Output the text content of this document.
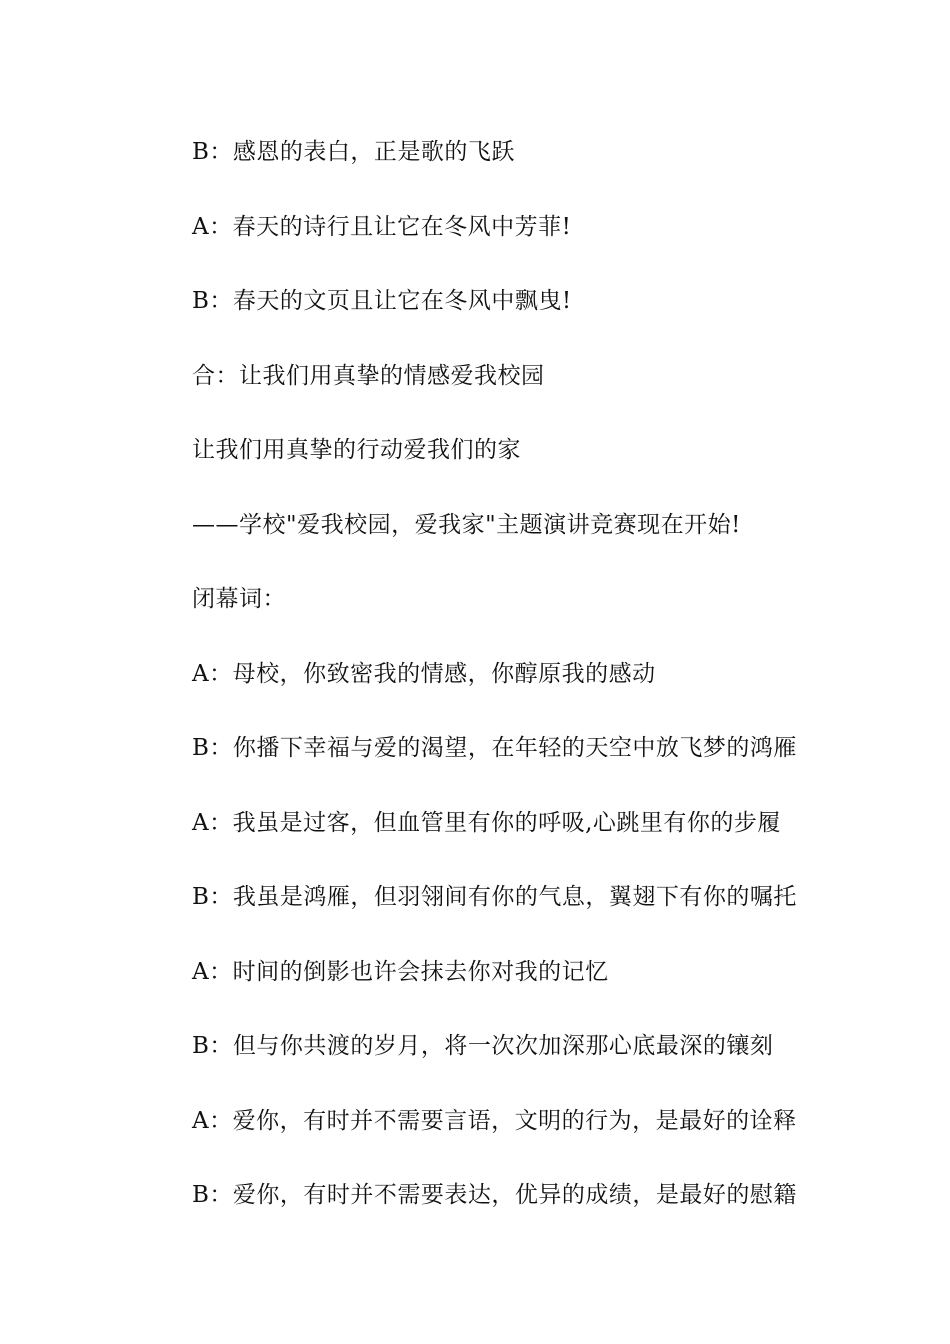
B：感恩的表白，正是歌的飞跃

A：春天的诗行且让它在冬风中芳菲!

B：春天的文页且让它在冬风中飘曳!

合：让我们用真挚的情感爱我校园

让我们用真挚的行动爱我们的家

——学校"爱我校园，爱我家"主题演讲竞赛现在开始!

闭幕词：

A：母校，你致密我的情感，你醇原我的感动

B：你播下幸福与爱的渴望，在年轻的天空中放飞梦的鸿雁

A：我虽是过客，但血管里有你的呼吸,心跳里有你的步履

B：我虽是鸿雁，但羽翎间有你的气息，翼翅下有你的嘱托

A：时间的倒影也许会抹去你对我的记忆

B：但与你共渡的岁月，将一次次加深那心底最深的镶刻

A：爱你，有时并不需要言语，文明的行为，是最好的诠释

B：爱你，有时并不需要表达，优异的成绩，是最好的慰籍
